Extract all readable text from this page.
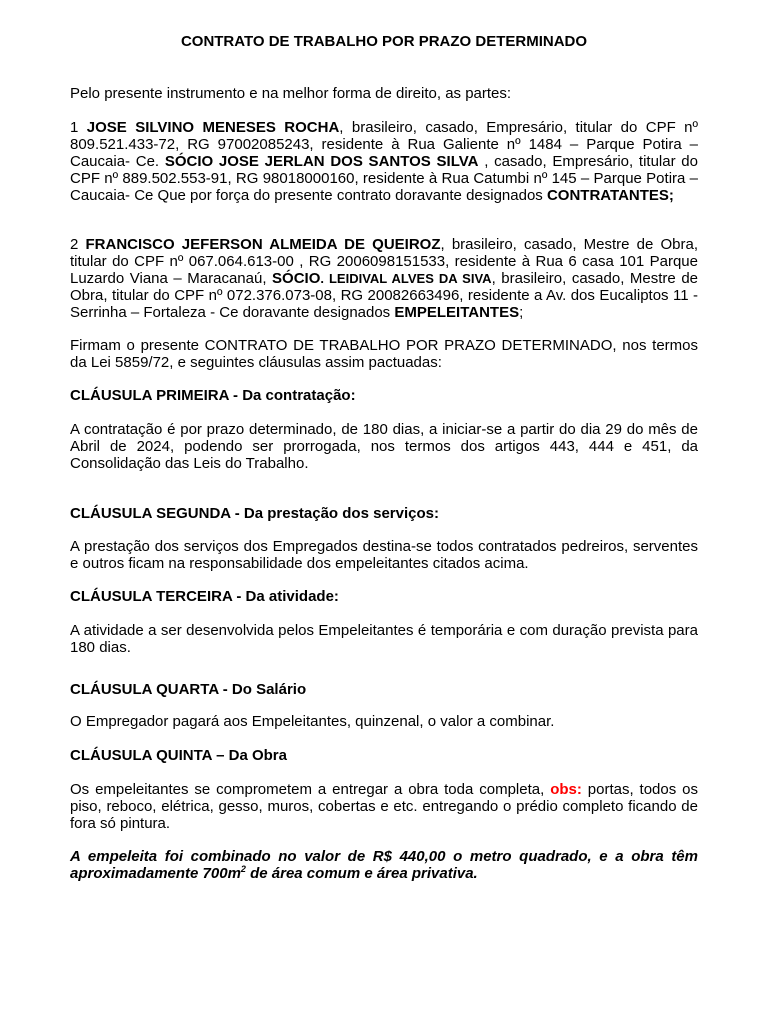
CONTRATO DE TRABALHO POR PRAZO DETERMINADO

Pelo presente instrumento e na melhor forma de direito, as partes:

1 JOSE SILVINO MENESES ROCHA, brasileiro, casado, Empresário, titular do CPF nº 809.521.433-72, RG 97002085243, residente à Rua Galiente nº 1484 – Parque Potira – Caucaia- Ce. SÓCIO JOSE JERLAN DOS SANTOS SILVA , casado, Empresário, titular do CPF nº 889.502.553-91, RG 98018000160, residente à Rua Catumbi nº 145 – Parque Potira – Caucaia- Ce Que por força do presente contrato doravante designados CONTRATANTES;

2 FRANCISCO JEFERSON ALMEIDA DE QUEIROZ, brasileiro, casado, Mestre de Obra, titular do CPF nº 067.064.613-00 , RG 2006098151533, residente à Rua 6 casa 101 Parque Luzardo Viana – Maracanaú, SÓCIO. LEIDIVAL ALVES DA SIVA, brasileiro, casado, Mestre de Obra, titular do CPF nº 072.376.073-08, RG 20082663496, residente a Av. dos Eucaliptos 11 - Serrinha – Fortaleza - Ce doravante designados EMPELEITANTES;

Firmam o presente CONTRATO DE TRABALHO POR PRAZO DETERMINADO, nos termos da Lei 5859/72, e seguintes cláusulas assim pactuadas:

CLÁUSULA PRIMEIRA - Da contratação:

A contratação é por prazo determinado, de 180 dias, a iniciar-se a partir do dia 29 do mês de Abril de 2024, podendo ser prorrogada, nos termos dos artigos 443, 444 e 451, da Consolidação das Leis do Trabalho.

CLÁUSULA SEGUNDA - Da prestação dos serviços:

A prestação dos serviços dos Empregados destina-se todos contratados pedreiros, serventes e outros ficam na responsabilidade dos empeleitantes citados acima.

CLÁUSULA TERCEIRA - Da atividade:

A atividade a ser desenvolvida pelos Empeleitantes é temporária e com duração prevista para 180 dias.

CLÁUSULA QUARTA - Do Salário

O Empregador pagará aos Empeleitantes, quinzenal, o valor a combinar.

CLÁUSULA QUINTA – Da Obra

Os empeleitantes se comprometem a entregar a obra toda completa, obs: portas, todos os piso, reboco, elétrica, gesso, muros, cobertas e etc. entregando o prédio completo ficando de fora só pintura.

A empeleita foi combinado no valor de R$ 440,00 o metro quadrado, e a obra têm aproximadamente $700m^2$ de área comum e área privativa.
